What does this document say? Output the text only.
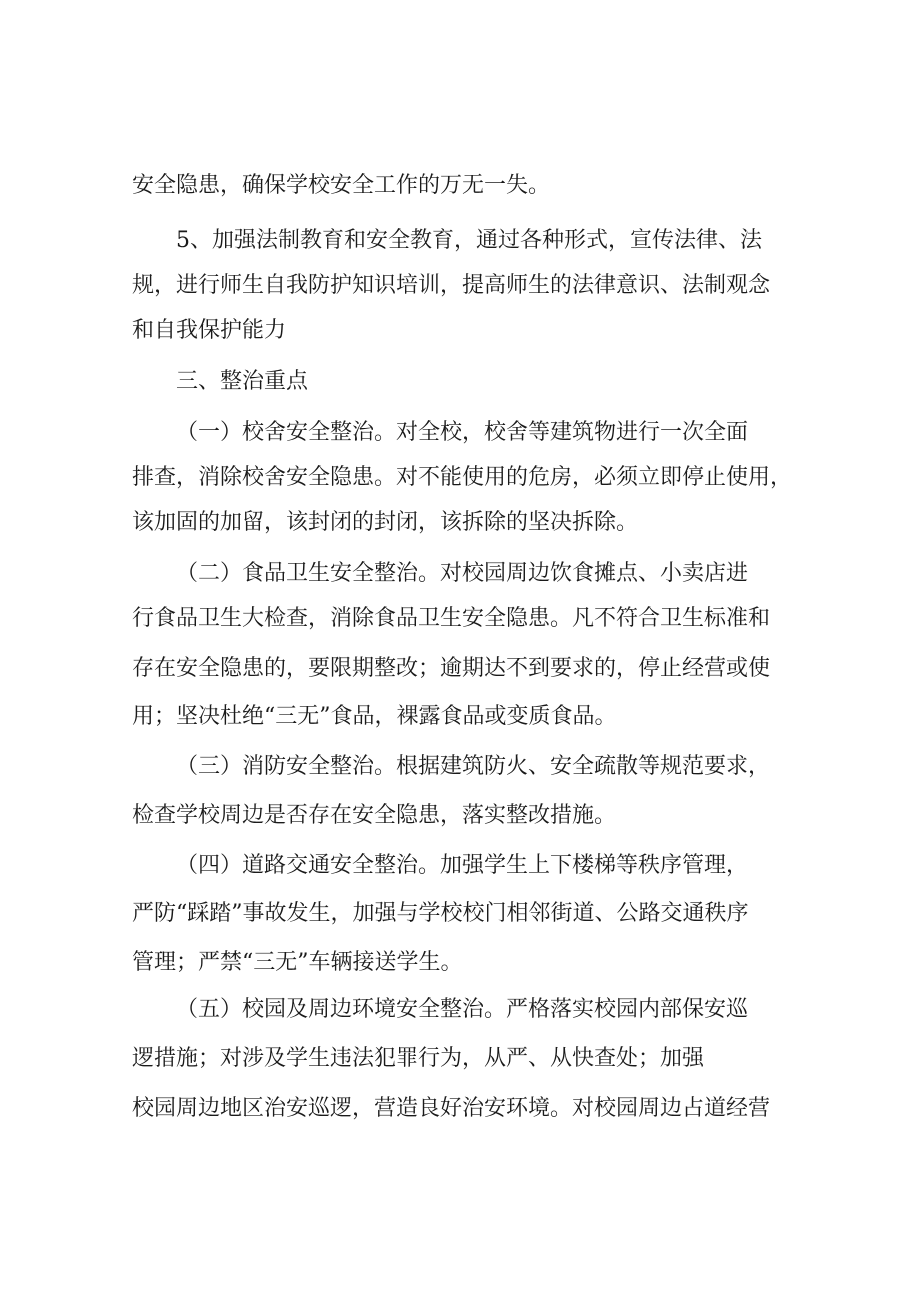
安全隐患，确保学校安全工作的万无一失。

5、加强法制教育和安全教育，通过各种形式，宣传法律、法

规，进行师生自我防护知识培训，提高师生的法律意识、法制观念

和自我保护能力

三、整治重点

（一）校舍安全整治。对全校，校舍等建筑物进行一次全面

排查，消除校舍安全隐患。对不能使用的危房，必须立即停止使用，

该加固的加留，该封闭的封闭，该拆除的坚决拆除。

（二）食品卫生安全整治。对校园周边饮食摊点、小卖店进

行食品卫生大检查，消除食品卫生安全隐患。凡不符合卫生标准和

存在安全隐患的，要限期整改；逾期达不到要求的，停止经营或使

用；坚决杜绝“三无”食品，裸露食品或变质食品。

（三）消防安全整治。根据建筑防火、安全疏散等规范要求，

检查学校周边是否存在安全隐患，落实整改措施。

（四）道路交通安全整治。加强学生上下楼梯等秩序管理，

严防“踩踏”事故发生，加强与学校校门相邻街道、公路交通秩序

管理；严禁“三无”车辆接送学生。

（五）校园及周边环境安全整治。严格落实校园内部保安巡

逻措施；对涉及学生违法犯罪行为，从严、从快查处；加强

校园周边地区治安巡逻，营造良好治安环境。对校园周边占道经营
